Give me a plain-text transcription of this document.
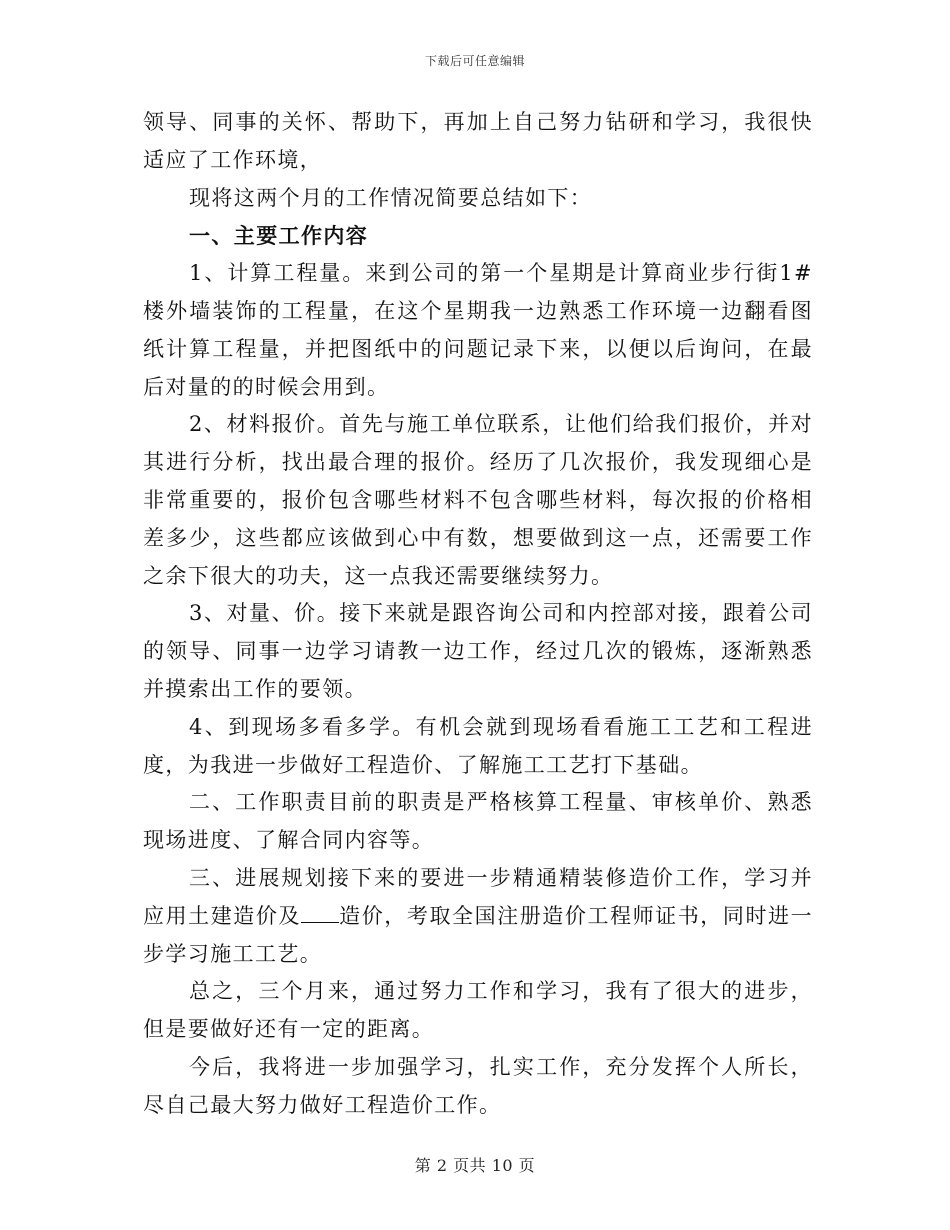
下载后可任意编辑

领导、同事的关怀、帮助下，再加上自己努力钻研和学习，我很快适应了工作环境，

现将这两个月的工作情况简要总结如下：

一、主要工作内容

1、计算工程量。来到公司的第一个星期是计算商业步行街1#楼外墙装饰的工程量，在这个星期我一边熟悉工作环境一边翻看图纸计算工程量，并把图纸中的问题记录下来，以便以后询问，在最后对量的的时候会用到。

2、材料报价。首先与施工单位联系，让他们给我们报价，并对其进行分析，找出最合理的报价。经历了几次报价，我发现细心是非常重要的，报价包含哪些材料不包含哪些材料，每次报的价格相差多少，这些都应该做到心中有数，想要做到这一点，还需要工作之余下很大的功夫，这一点我还需要继续努力。

3、对量、价。接下来就是跟咨询公司和内控部对接，跟着公司的领导、同事一边学习请教一边工作，经过几次的锻炼，逐渐熟悉并摸索出工作的要领。

4、到现场多看多学。有机会就到现场看看施工工艺和工程进度，为我进一步做好工程造价、了解施工工艺打下基础。

二、工作职责目前的职责是严格核算工程量、审核单价、熟悉现场进度、了解合同内容等。

三、进展规划接下来的要进一步精通精装修造价工作，学习并应用土建造价及 造价，考取全国注册造价工程师证书，同时进一步学习施工工艺。

总之，三个月来，通过努力工作和学习，我有了很大的进步，但是要做好还有一定的距离。

今后，我将进一步加强学习，扎实工作，充分发挥个人所长，尽自己最大努力做好工程造价工作。

第 2 页共 10 页
